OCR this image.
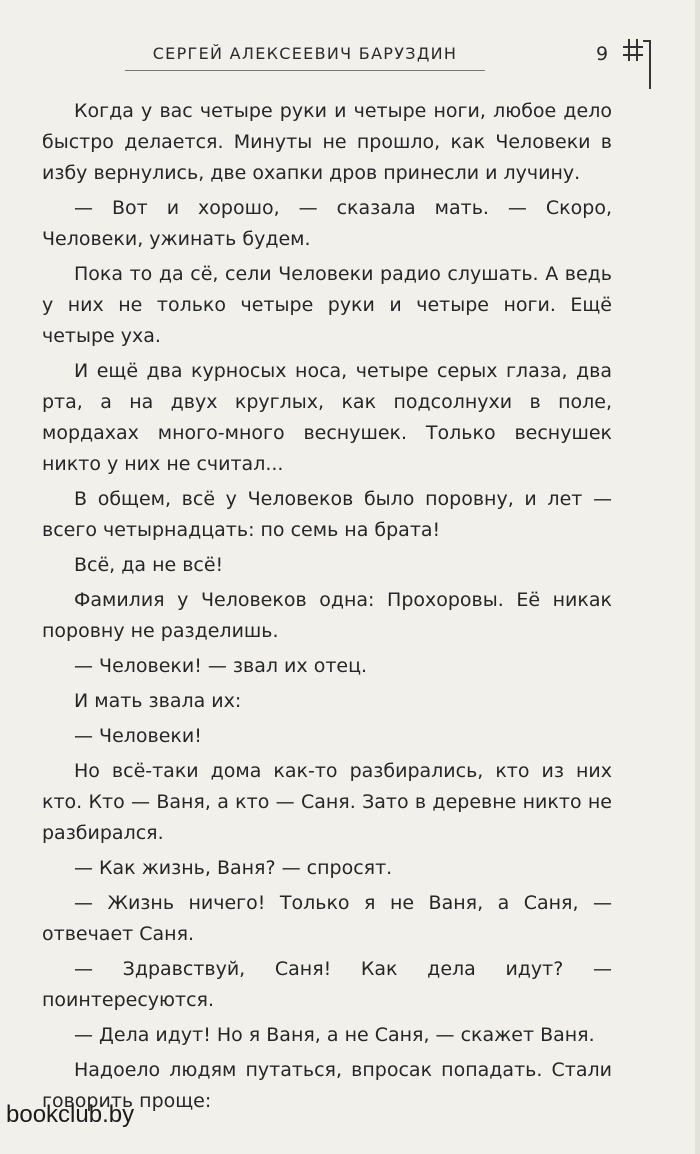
СЕРГЕЙ АЛЕКСЕЕВИЧ БАРУЗДИН	9

Когда у вас четыре руки и четыре ноги, любое дело быстро делается. Минуты не прошло, как Человеки в избу вернулись, две охапки дров принесли и лучину.

— Вот и хорошо, — сказала мать. — Скоро, Человеки, ужинать будем.

Пока то да сё, сели Человеки радио слушать. А ведь у них не только четыре руки и четыре ноги. Ещё четыре уха.

И ещё два курносых носа, четыре серых глаза, два рта, а на двух круглых, как подсолнухи в поле, мордахах много-много веснушек. Только веснушек никто у них не считал...

В общем, всё у Человеков было поровну, и лет — всего четырнадцать: по семь на брата!

Всё, да не всё!

Фамилия у Человеков одна: Прохоровы. Её никак поровну не разделишь.

— Человеки! — звал их отец.

И мать звала их:

— Человеки!

Но всё-таки дома как-то разбирались, кто из них кто. Кто — Ваня, а кто — Саня. Зато в деревне никто не разбирался.

— Как жизнь, Ваня? — спросят.

— Жизнь ничего! Только я не Ваня, а Саня, — отвечает Саня.

— Здравствуй, Саня! Как дела идут? — поинтересуются.

— Дела идут! Но я Ваня, а не Саня, — скажет Ваня.

Надоело людям путаться, впросак попадать. Стали говорить проще:

bookclub.by
